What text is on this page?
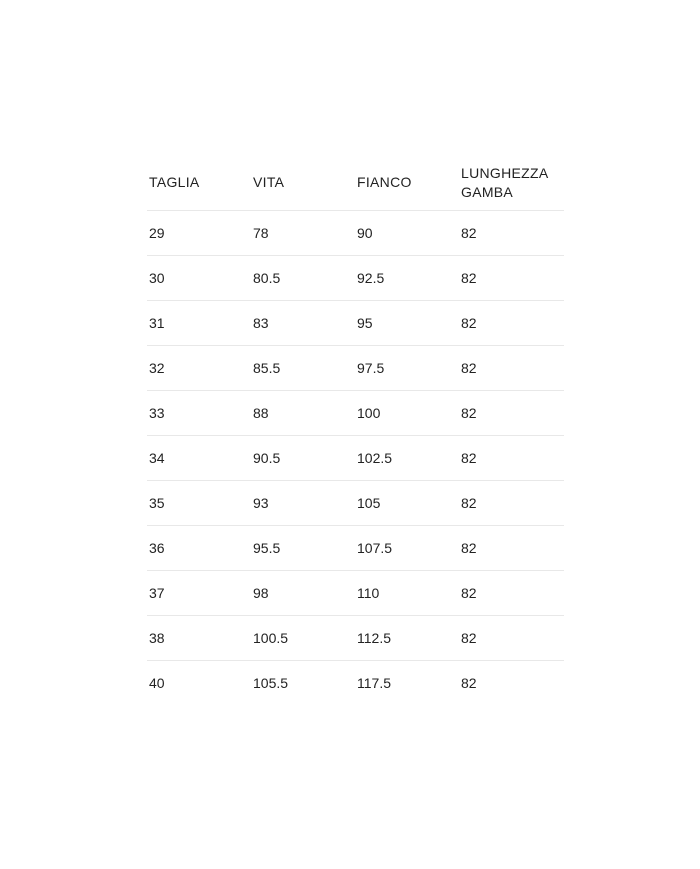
TAGLIA	VITA	FIANCO	LUNGHEZZA
GAMBA

29	78	90	82
30	80.5	92.5	82
31	83	95	82
32	85.5	97.5	82
33	88	100	82
34	90.5	102.5	82
35	93	105	82
36	95.5	107.5	82
37	98	110	82
38	100.5	112.5	82
40	105.5	117.5	82
